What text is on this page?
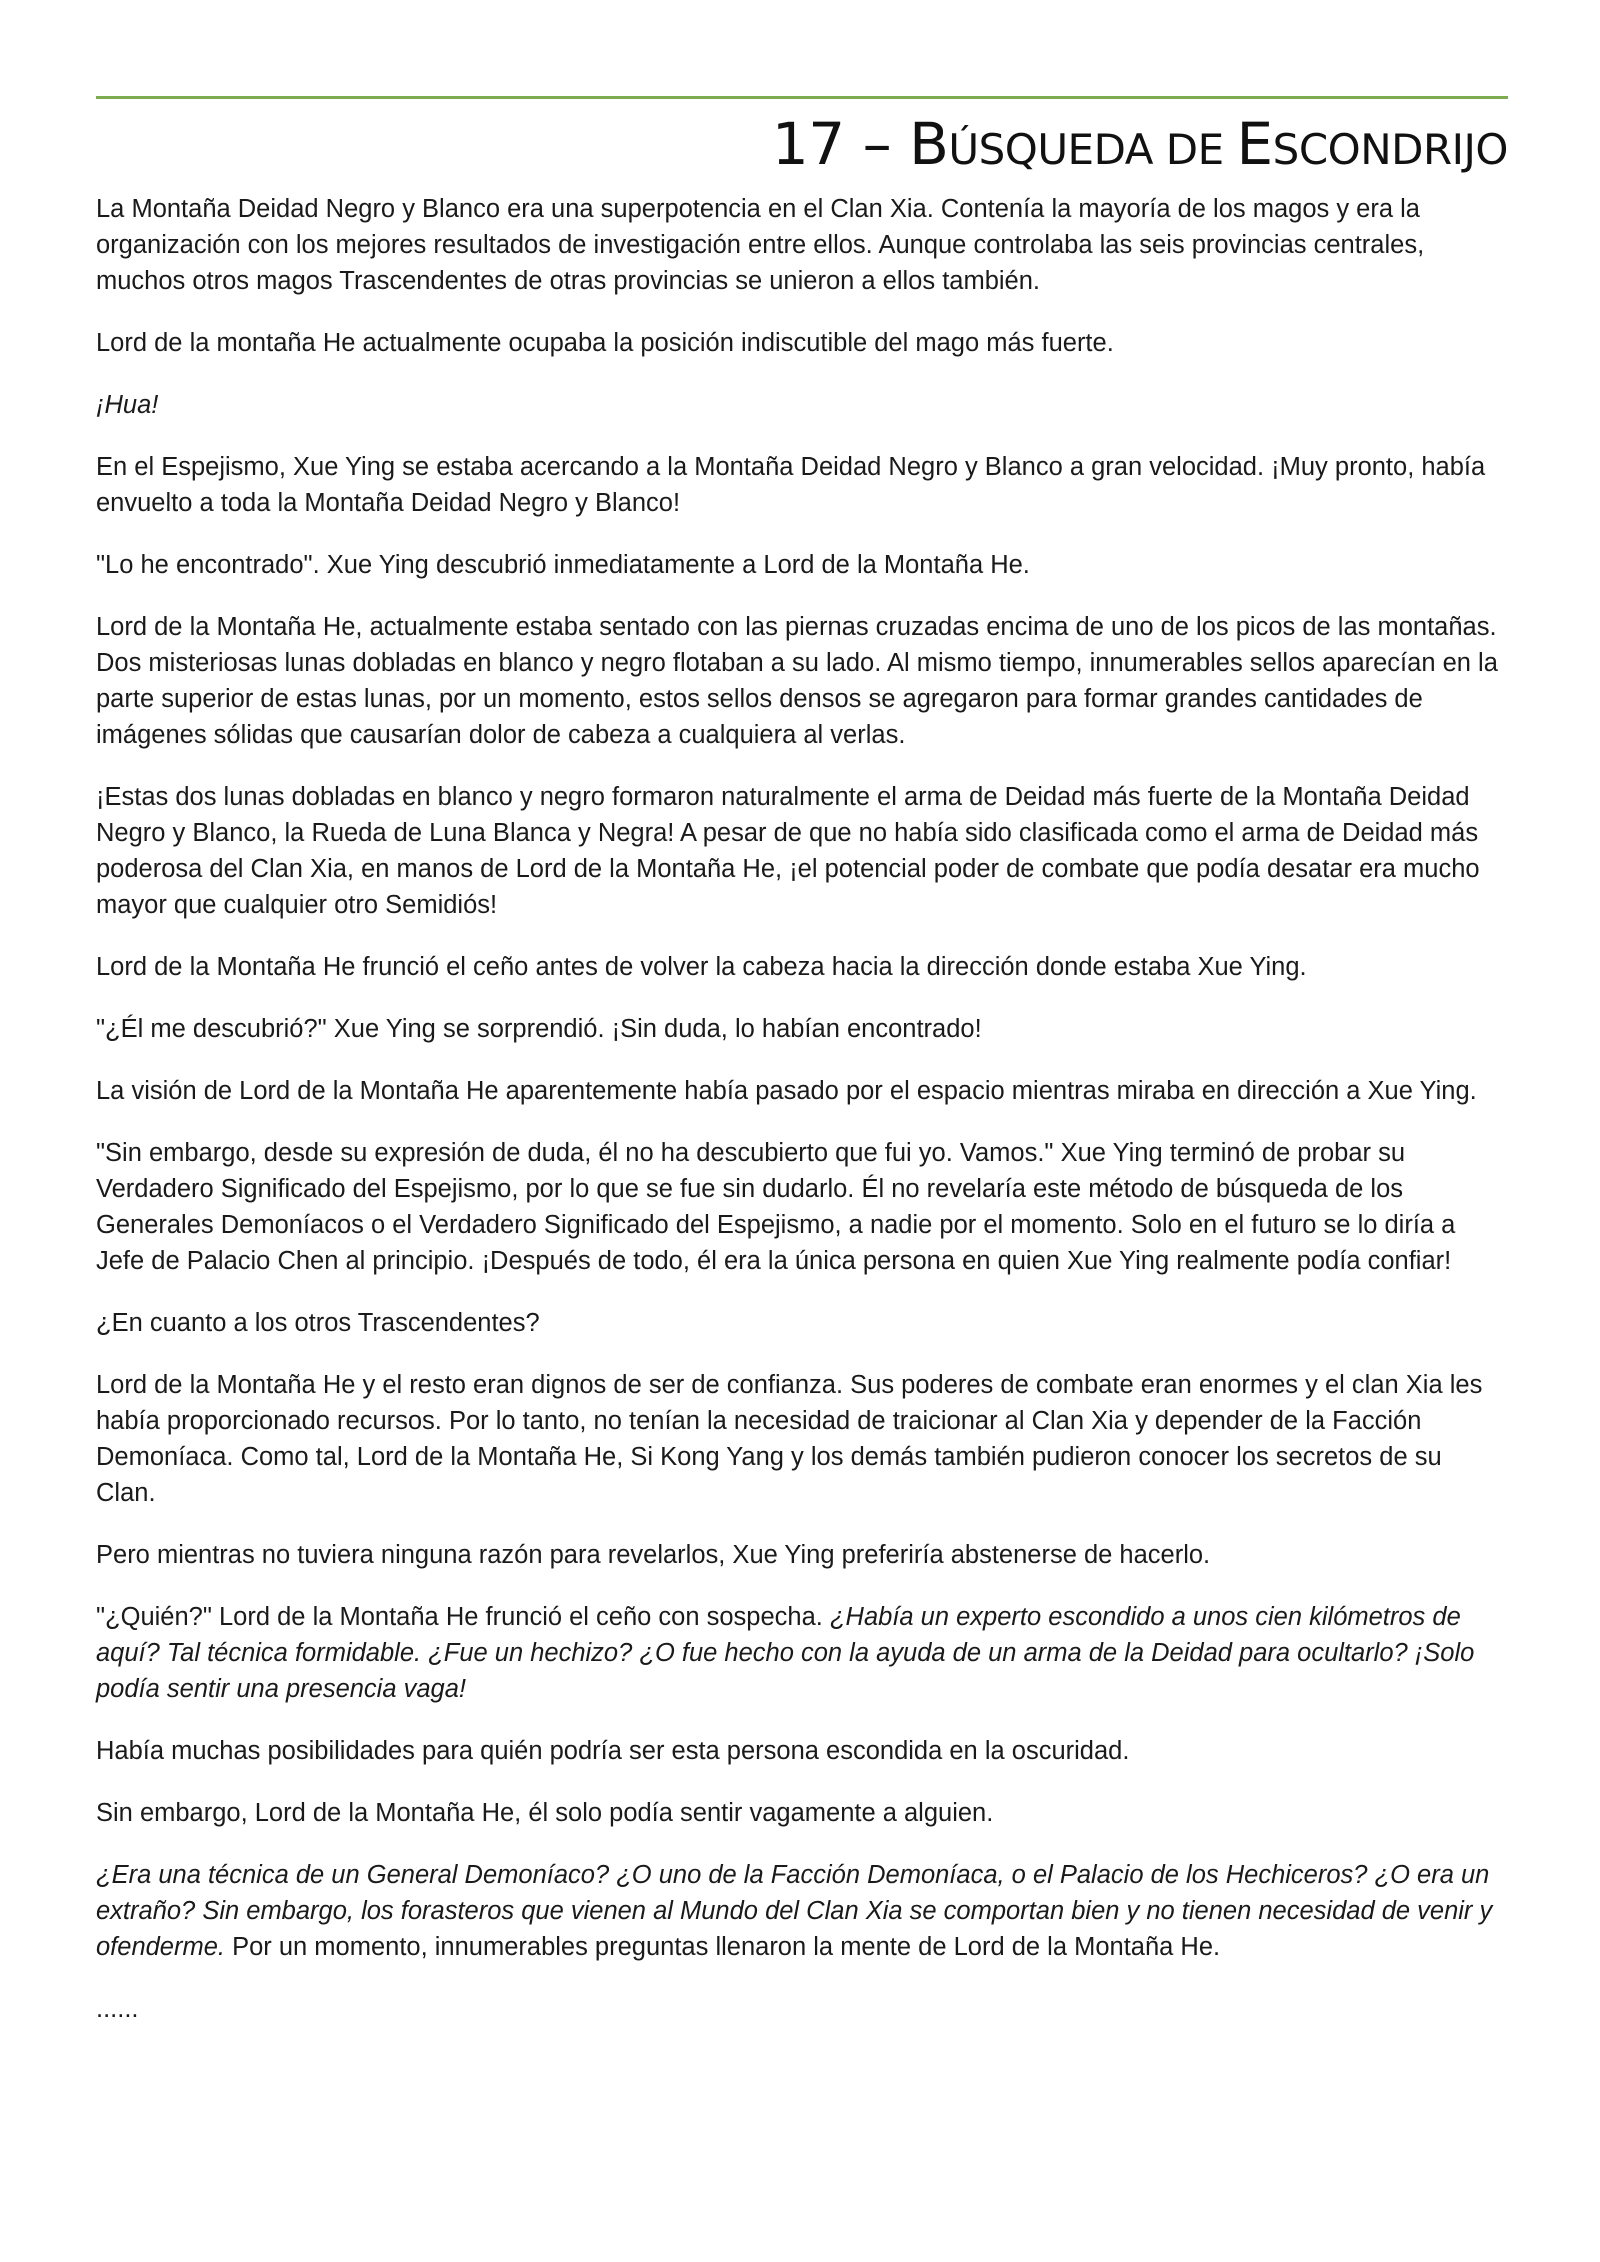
17 – BÚSQUEDA DE ESCONDRIJO

La Montaña Deidad Negro y Blanco era una superpotencia en el Clan Xia. Contenía la mayoría de los magos y era la organización con los mejores resultados de investigación entre ellos. Aunque controlaba las seis provincias centrales, muchos otros magos Trascendentes de otras provincias se unieron a ellos también.

Lord de la montaña He actualmente ocupaba la posición indiscutible del mago más fuerte.

¡Hua!

En el Espejismo, Xue Ying se estaba acercando a la Montaña Deidad Negro y Blanco a gran velocidad. ¡Muy pronto, había envuelto a toda la Montaña Deidad Negro y Blanco!

"Lo he encontrado". Xue Ying descubrió inmediatamente a Lord de la Montaña He.

Lord de la Montaña He, actualmente estaba sentado con las piernas cruzadas encima de uno de los picos de las montañas. Dos misteriosas lunas dobladas en blanco y negro flotaban a su lado. Al mismo tiempo, innumerables sellos aparecían en la parte superior de estas lunas, por un momento, estos sellos densos se agregaron para formar grandes cantidades de imágenes sólidas que causarían dolor de cabeza a cualquiera al verlas.

¡Estas dos lunas dobladas en blanco y negro formaron naturalmente el arma de Deidad más fuerte de la Montaña Deidad Negro y Blanco, la Rueda de Luna Blanca y Negra! A pesar de que no había sido clasificada como el arma de Deidad más poderosa del Clan Xia, en manos de Lord de la Montaña He, ¡el potencial poder de combate que podía desatar era mucho mayor que cualquier otro Semidiós!

Lord de la Montaña He frunció el ceño antes de volver la cabeza hacia la dirección donde estaba Xue Ying.

"¿Él me descubrió?" Xue Ying se sorprendió. ¡Sin duda, lo habían encontrado!

La visión de Lord de la Montaña He aparentemente había pasado por el espacio mientras miraba en dirección a Xue Ying.

"Sin embargo, desde su expresión de duda, él no ha descubierto que fui yo. Vamos." Xue Ying terminó de probar su Verdadero Significado del Espejismo, por lo que se fue sin dudarlo. Él no revelaría este método de búsqueda de los Generales Demoníacos o el Verdadero Significado del Espejismo, a nadie por el momento. Solo en el futuro se lo diría a Jefe de Palacio Chen al principio. ¡Después de todo, él era la única persona en quien Xue Ying realmente podía confiar!

¿En cuanto a los otros Trascendentes?

Lord de la Montaña He y el resto eran dignos de ser de confianza. Sus poderes de combate eran enormes y el clan Xia les había proporcionado recursos. Por lo tanto, no tenían la necesidad de traicionar al Clan Xia y depender de la Facción Demoníaca. Como tal, Lord de la Montaña He, Si Kong Yang y los demás también pudieron conocer los secretos de su Clan.

Pero mientras no tuviera ninguna razón para revelarlos, Xue Ying preferiría abstenerse de hacerlo.

"¿Quién?" Lord de la Montaña He frunció el ceño con sospecha. ¿Había un experto escondido a unos cien kilómetros de aquí? Tal técnica formidable. ¿Fue un hechizo? ¿O fue hecho con la ayuda de un arma de la Deidad para ocultarlo? ¡Solo podía sentir una presencia vaga!

Había muchas posibilidades para quién podría ser esta persona escondida en la oscuridad.

Sin embargo, Lord de la Montaña He, él solo podía sentir vagamente a alguien.

¿Era una técnica de un General Demoníaco? ¿O uno de la Facción Demoníaca, o el Palacio de los Hechiceros? ¿O era un extraño? Sin embargo, los forasteros que vienen al Mundo del Clan Xia se comportan bien y no tienen necesidad de venir y ofenderme. Por un momento, innumerables preguntas llenaron la mente de Lord de la Montaña He.

......
